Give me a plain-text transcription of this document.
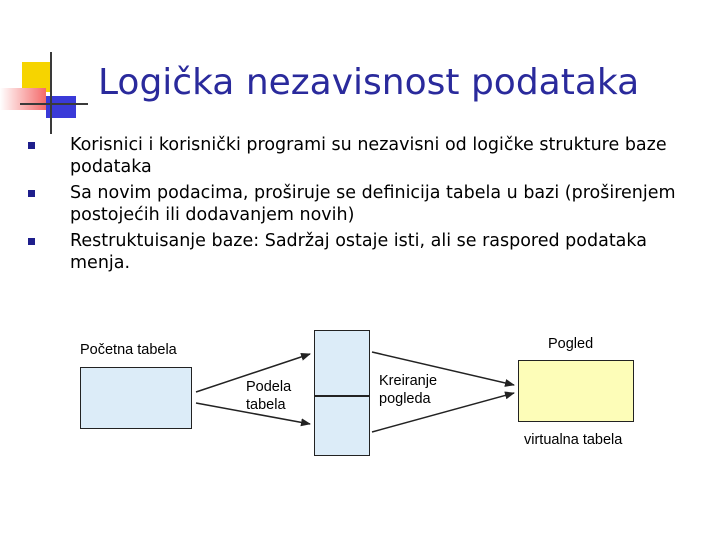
Logička nezavisnost podataka
Korisnici i korisnički programi su nezavisni od logičke strukture baze podataka
Sa novim podacima, proširuje se definicija tabela u bazi (proširenjem postojećih ili dodavanjem novih)
Restruktuisanje baze: Sadržaj ostaje isti, ali se raspored podataka menja.
Početna tabela
Podela tabela
Kreiranje pogleda
Pogled
virtualna tabela
